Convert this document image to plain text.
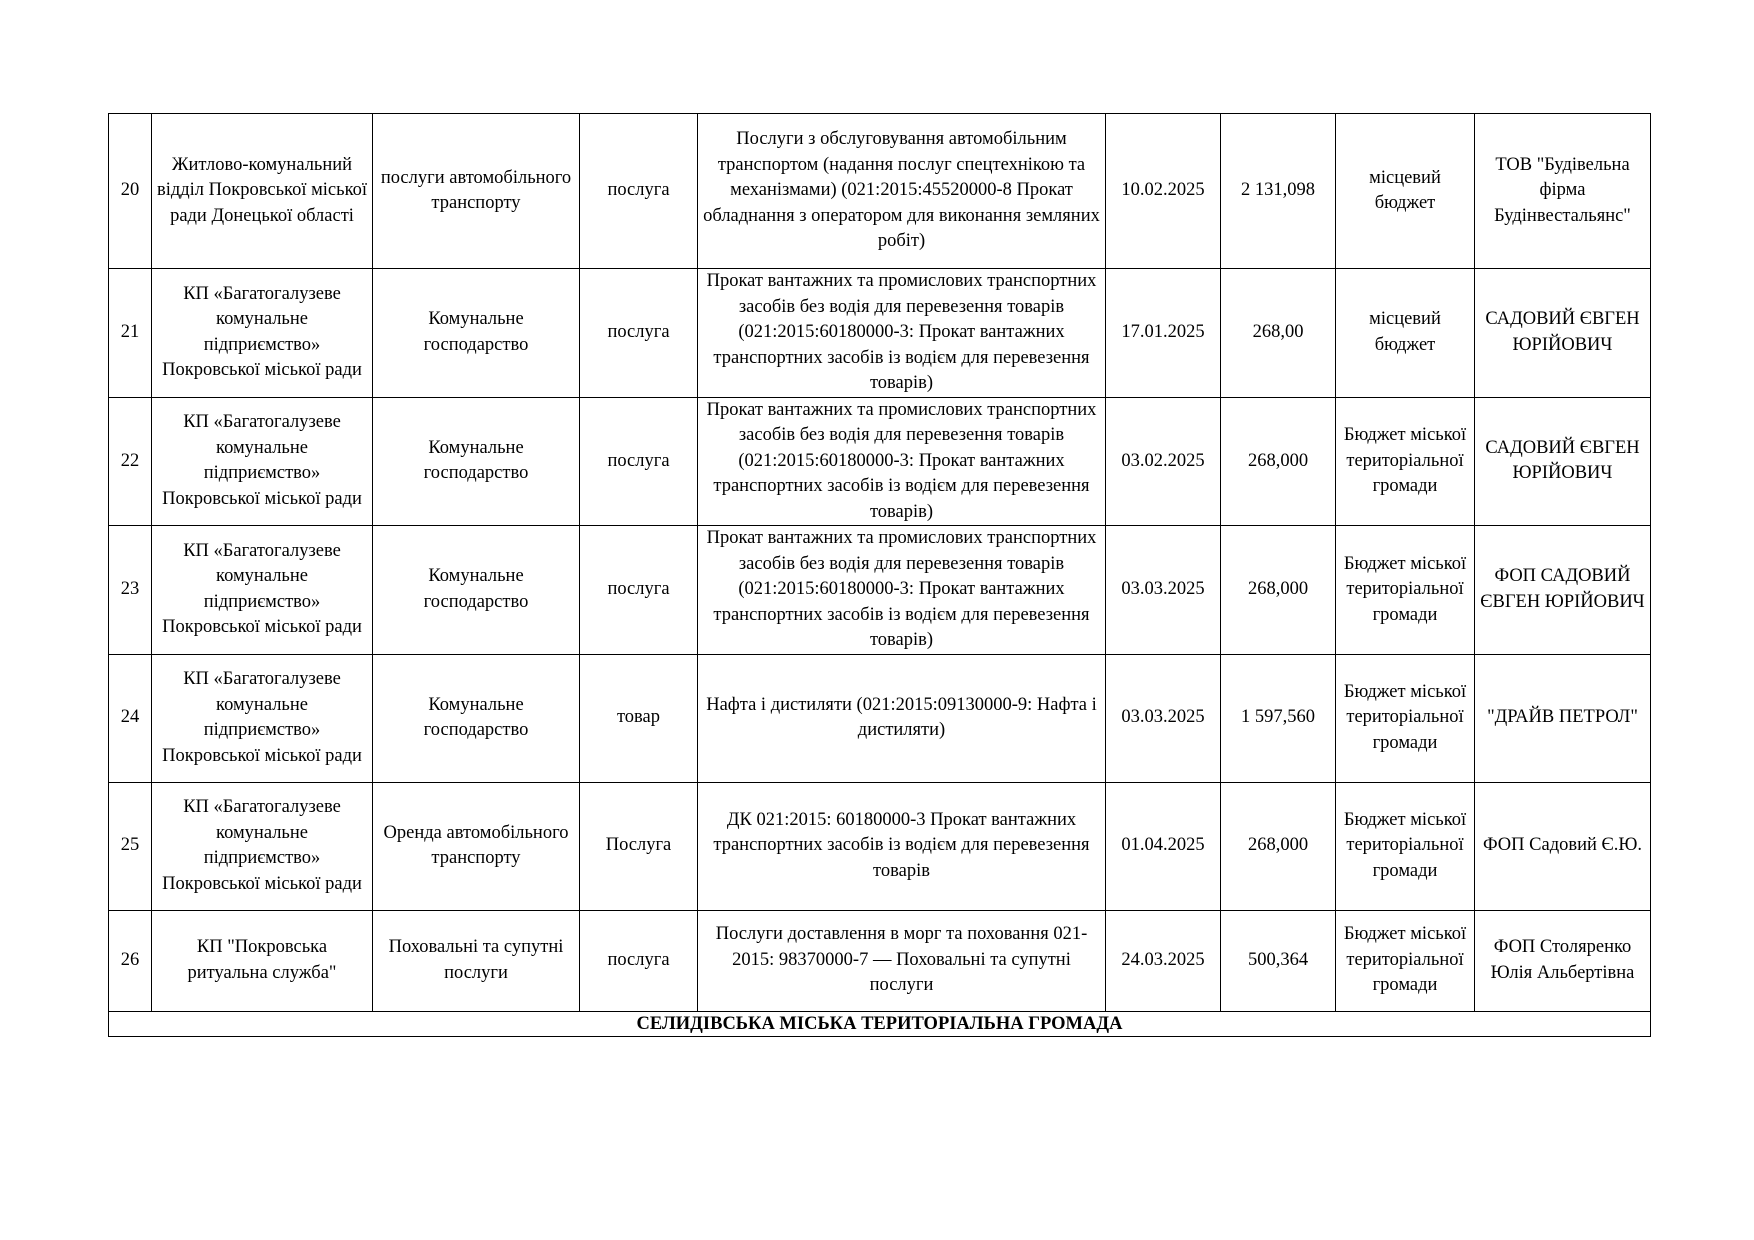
20	Житлово-комунальний відділ Покровської міської ради Донецької області	послуги автомобільного транспорту	послуга	Послуги з обслуговування автомобільним транспортом (надання послуг спецтехнікою та механізмами) (021:2015:45520000-8 Прокат обладнання з оператором для виконання земляних робіт)	10.02.2025	2 131,098	місцевий бюджет	ТОВ "Будівельна фірма Будінвестальянс"
21	КП «Багатогалузеве комунальне підприємство» Покровської міської ради	Комунальне господарство	послуга	Прокат вантажних та промислових транспортних засобів без водія для перевезення товарів (021:2015:60180000-3: Прокат вантажних транспортних засобів із водієм для перевезення товарів)	17.01.2025	268,00	місцевий бюджет	САДОВИЙ ЄВГЕН ЮРІЙОВИЧ
22	КП «Багатогалузеве комунальне підприємство» Покровської міської ради	Комунальне господарство	послуга	Прокат вантажних та промислових транспортних засобів без водія для перевезення товарів (021:2015:60180000-3: Прокат вантажних транспортних засобів із водієм для перевезення товарів)	03.02.2025	268,000	Бюджет міської територіальної громади	САДОВИЙ ЄВГЕН ЮРІЙОВИЧ
23	КП «Багатогалузеве комунальне підприємство» Покровської міської ради	Комунальне господарство	послуга	Прокат вантажних та промислових транспортних засобів без водія для перевезення товарів (021:2015:60180000-3: Прокат вантажних транспортних засобів із водієм для перевезення товарів)	03.03.2025	268,000	Бюджет міської територіальної громади	ФОП САДОВИЙ ЄВГЕН ЮРІЙОВИЧ
24	КП «Багатогалузеве комунальне підприємство» Покровської міської ради	Комунальне господарство	товар	Нафта і дистиляти (021:2015:09130000-9: Нафта і дистиляти)	03.03.2025	1 597,560	Бюджет міської територіальної громади	"ДРАЙВ ПЕТРОЛ"
25	КП «Багатогалузеве комунальне підприємство» Покровської міської ради	Оренда автомобільного транспорту	Послуга	ДК 021:2015: 60180000-3 Прокат вантажних транспортних засобів із водієм для перевезення товарів	01.04.2025	268,000	Бюджет міської територіальної громади	ФОП Садовий Є.Ю.
26	КП "Покровська ритуальна служба"	Поховальні та супутні послуги	послуга	Послуги доставлення в морг та поховання 021-2015: 98370000-7 — Поховальні та супутні послуги	24.03.2025	500,364	Бюджет міської територіальної громади	ФОП Столяренко Юлія Альбертівна
СЕЛИДІВСЬКА МІСЬКА ТЕРИТОРІАЛЬНА ГРОМАДА								
